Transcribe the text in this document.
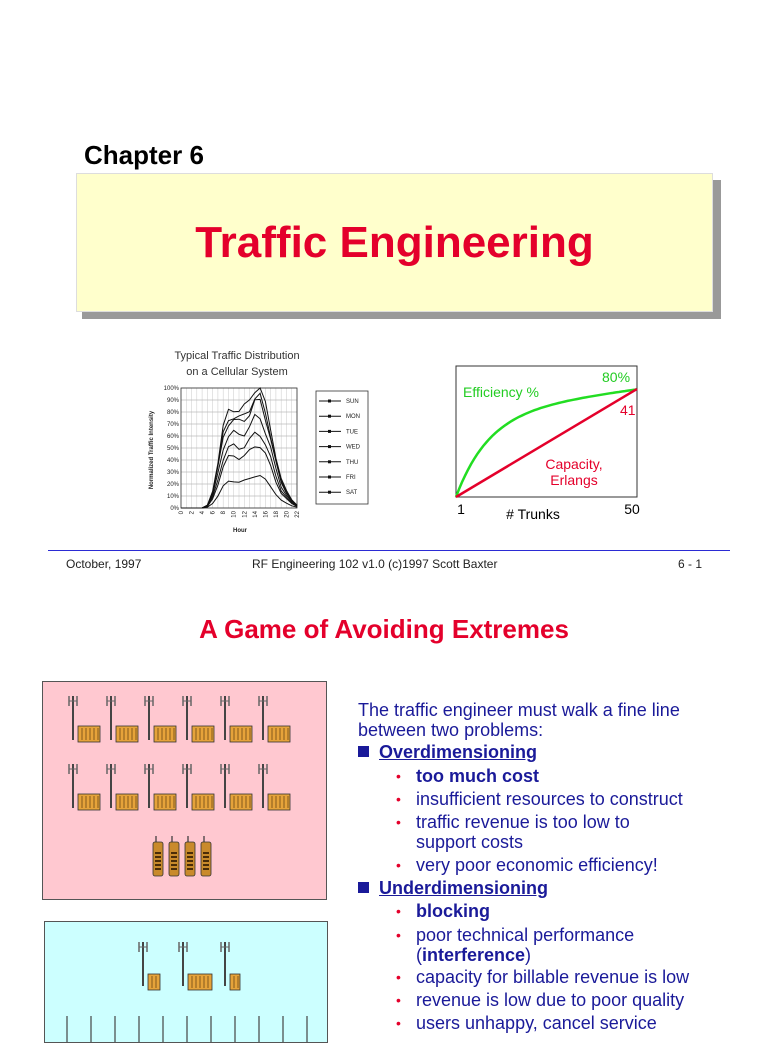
Chapter 6
Traffic Engineering
Typical Traffic Distribution
on a Cellular System
0%
10%
20%
30%
40%
50%
60%
70%
80%
90%
100%
0 2 4 6 8 10 12 14 16 18 20 22
Normalized Traffic Intensity
Hour
SUN
MON
TUE
WED
THU
FRI
SAT
Efficiency %
80%
41
Capacity,
Erlangs
1	# Trunks	50
October, 1997	RF Engineering 102 v1.0 (c)1997 Scott Baxter	6 - 1
A Game of Avoiding Extremes
The traffic engineer must walk a fine line between two problems:
Overdimensioning
• too much cost
• insufficient resources to construct
• traffic revenue is too low to support costs
• very poor economic efficiency!
Underdimensioning
• blocking
• poor technical performance (interference)
• capacity for billable revenue is low
• revenue is low due to poor quality
• users unhappy, cancel service
